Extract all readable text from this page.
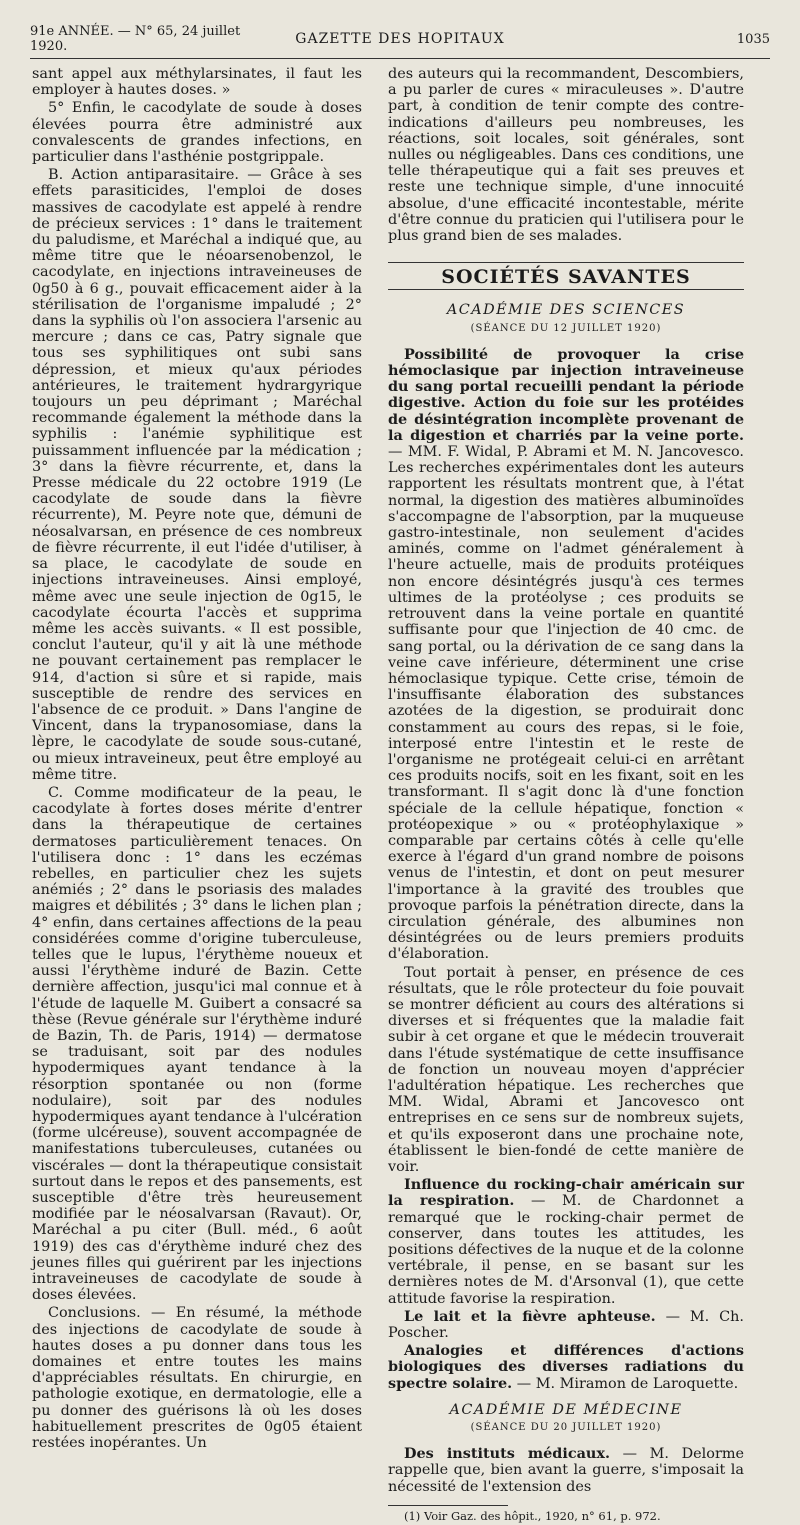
91e ANNÉE. — N° 65, 24 juillet 1920.	GAZETTE DES HOPITAUX	1035

sant appel aux méthylarsinates, il faut les employer à hautes doses. »

5° Enfin, le cacodylate de soude à doses élevées pourra être administré aux convalescents de grandes infections, en particulier dans l'asthénie postgrippale.

B. Action antiparasitaire. — Grâce à ses effets parasiticides, l'emploi de doses massives de cacodylate est appelé à rendre de précieux services : 1° dans le traitement du paludisme, et Maréchal a indiqué que, au même titre que le néoarsenobenzol, le cacodylate, en injections intraveineuses de 0g50 à 6 g., pouvait efficacement aider à la stérilisation de l'organisme impaludé ; 2° dans la syphilis où l'on associera l'arsenic au mercure ; dans ce cas, Patry signale que tous ses syphilitiques ont subi sans dépression, et mieux qu'aux périodes antérieures, le traitement hydrargyrique toujours un peu déprimant ; Maréchal recommande également la méthode dans la syphilis : l'anémie syphilitique est puissamment influencée par la médication ; 3° dans la fièvre récurrente, et, dans la Presse médicale du 22 octobre 1919 (Le cacodylate de soude dans la fièvre récurrente), M. Peyre note que, démuni de néosalvarsan, en présence de ces nombreux de fièvre récurrente, il eut l'idée d'utiliser, à sa place, le cacodylate de soude en injections intraveineuses. Ainsi employé, même avec une seule injection de 0g15, le cacodylate écourta l'accès et supprima même les accès suivants. « Il est possible, conclut l'auteur, qu'il y ait là une méthode ne pouvant certainement pas remplacer le 914, d'action si sûre et si rapide, mais susceptible de rendre des services en l'absence de ce produit. » Dans l'angine de Vincent, dans la trypanosomiase, dans la lèpre, le cacodylate de soude sous-cutané, ou mieux intraveineux, peut être employé au même titre.

C. Comme modificateur de la peau, le cacodylate à fortes doses mérite d'entrer dans la thérapeutique de certaines dermatoses particulièrement tenaces. On l'utilisera donc : 1° dans les eczémas rebelles, en particulier chez les sujets anémiés ; 2° dans le psoriasis des malades maigres et débilités ; 3° dans le lichen plan ; 4° enfin, dans certaines affections de la peau considérées comme d'origine tuberculeuse, telles que le lupus, l'érythème noueux et aussi l'érythème induré de Bazin. Cette dernière affection, jusqu'ici mal connue et à l'étude de laquelle M. Guibert a consacré sa thèse (Revue générale sur l'érythème induré de Bazin, Th. de Paris, 1914) — dermatose se traduisant, soit par des nodules hypodermiques ayant tendance à la résorption spontanée ou non (forme nodulaire), soit par des nodules hypodermiques ayant tendance à l'ulcération (forme ulcéreuse), souvent accompagnée de manifestations tuberculeuses, cutanées ou viscérales — dont la thérapeutique consistait surtout dans le repos et des pansements, est susceptible d'être très heureusement modifiée par le néosalvarsan (Ravaut). Or, Maréchal a pu citer (Bull. méd., 6 août 1919) des cas d'érythème induré chez des jeunes filles qui guérirent par les injections intraveineuses de cacodylate de soude à doses élevées.

Conclusions. — En résumé, la méthode des injections de cacodylate de soude à hautes doses a pu donner dans tous les domaines et entre toutes les mains d'appréciables résultats. En chirurgie, en pathologie exotique, en dermatologie, elle a pu donner des guérisons là où les doses habituellement prescrites de 0g05 étaient restées inopérantes. Un

des auteurs qui la recommandent, Descombiers, a pu parler de cures « miraculeuses ». D'autre part, à condition de tenir compte des contre-indications d'ailleurs peu nombreuses, les réactions, soit locales, soit générales, sont nulles ou négligeables. Dans ces conditions, une telle thérapeutique qui a fait ses preuves et reste une technique simple, d'une innocuité absolue, d'une efficacité incontestable, mérite d'être connue du praticien qui l'utilisera pour le plus grand bien de ses malades.

SOCIÉTÉS SAVANTES
ACADÉMIE DES SCIENCES
(SÉANCE DU 12 JUILLET 1920)

Possibilité de provoquer la crise hémoclasique par injection intraveineuse du sang portal recueilli pendant la période digestive. Action du foie sur les protéides de désintégration incomplète provenant de la digestion et charriés par la veine porte. — MM. F. Widal, P. Abrami et M. N. Jancovesco. Les recherches expérimentales dont les auteurs rapportent les résultats montrent que, à l'état normal, la digestion des matières albuminoïdes s'accompagne de l'absorption, par la muqueuse gastro-intestinale, non seulement d'acides aminés, comme on l'admet généralement à l'heure actuelle, mais de produits protéiques non encore désintégrés jusqu'à ces termes ultimes de la protéolyse ; ces produits se retrouvent dans la veine portale en quantité suffisante pour que l'injection de 40 cmc. de sang portal, ou la dérivation de ce sang dans la veine cave inférieure, déterminent une crise hémoclasique typique. Cette crise, témoin de l'insuffisante élaboration des substances azotées de la digestion, se produirait donc constamment au cours des repas, si le foie, interposé entre l'intestin et le reste de l'organisme ne protégeait celui-ci en arrêtant ces produits nocifs, soit en les fixant, soit en les transformant. Il s'agit donc là d'une fonction spéciale de la cellule hépatique, fonction « protéopexique » ou « protéophylaxique » comparable par certains côtés à celle qu'elle exerce à l'égard d'un grand nombre de poisons venus de l'intestin, et dont on peut mesurer l'importance à la gravité des troubles que provoque parfois la pénétration directe, dans la circulation générale, des albumines non désintégrées ou de leurs premiers produits d'élaboration.

Tout portait à penser, en présence de ces résultats, que le rôle protecteur du foie pouvait se montrer déficient au cours des altérations si diverses et si fréquentes que la maladie fait subir à cet organe et que le médecin trouverait dans l'étude systématique de cette insuffisance de fonction un nouveau moyen d'apprécier l'adultération hépatique. Les recherches que MM. Widal, Abrami et Jancovesco ont entreprises en ce sens sur de nombreux sujets, et qu'ils exposeront dans une prochaine note, établissent le bien-fondé de cette manière de voir.

Influence du rocking-chair américain sur la respiration. — M. de Chardonnet a remarqué que le rocking-chair permet de conserver, dans toutes les attitudes, les positions défectives de la nuque et de la colonne vertébrale, il pense, en se basant sur les dernières notes de M. d'Arsonval (1), que cette attitude favorise la respiration.

Le lait et la fièvre aphteuse. — M. Ch. Poscher.

Analogies et différences d'actions biologiques des diverses radiations du spectre solaire. — M. Miramon de Laroquette.

ACADÉMIE DE MÉDECINE
(SÉANCE DU 20 JUILLET 1920)

Des instituts médicaux. — M. Delorme rappelle que, bien avant la guerre, s'imposait la nécessité de l'extension des

(1) Voir Gaz. des hôpit., 1920, n° 61, p. 972.
